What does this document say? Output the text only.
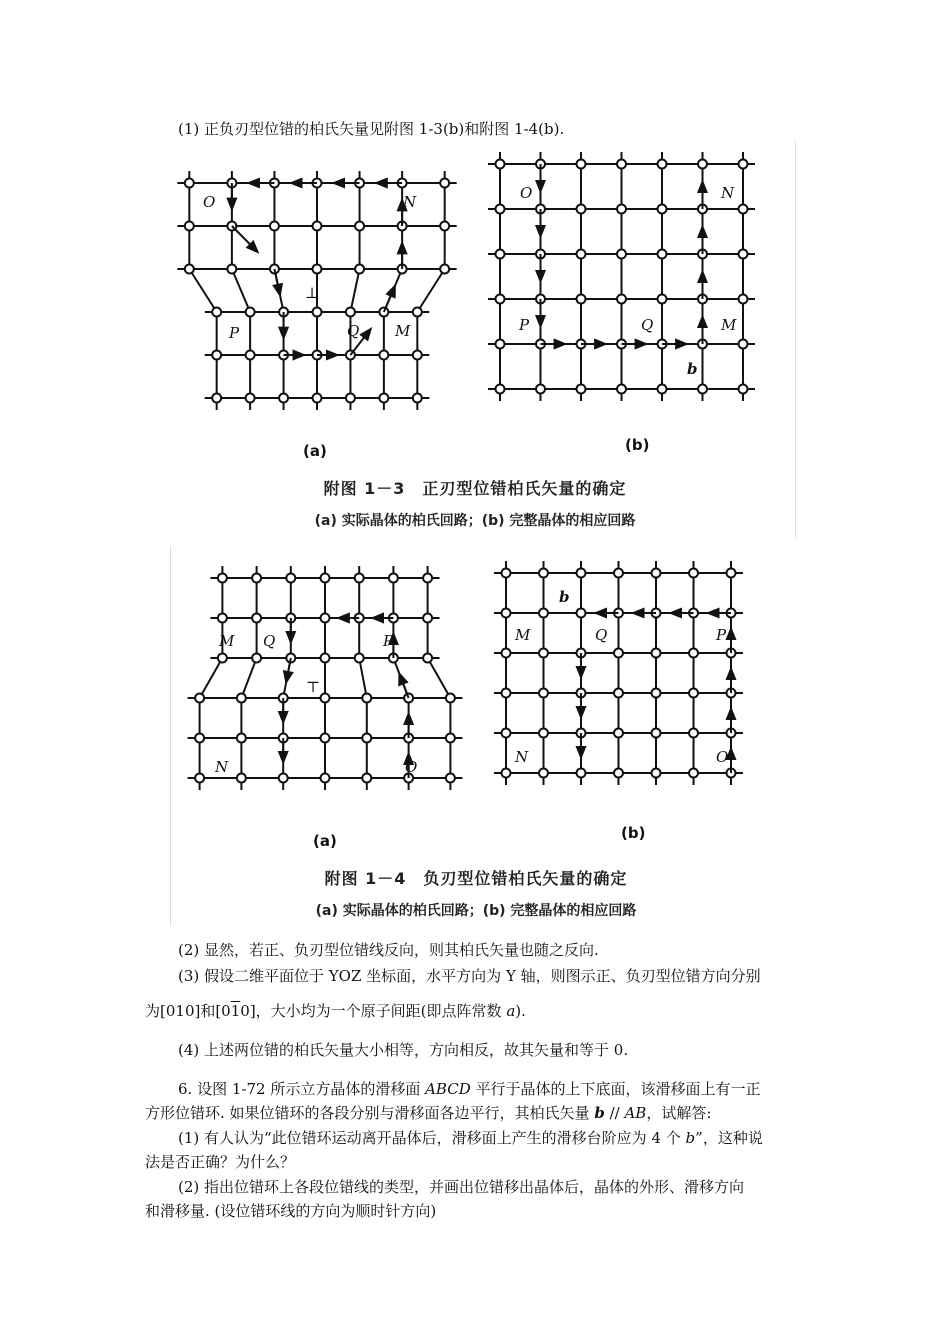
(1) 正负刃型位错的柏氏矢量见附图 1-3(b)和附图 1-4(b).
O	N
P	Q M
⊥
O	N
P	Q	M
b
(a)	(b)
附图 1－3　正刃型位错柏氏矢量的确定
(a) 实际晶体的柏氏回路；(b) 完整晶体的相应回路
M Q	P
N	O
⊤
b
M	Q	P
N	O
(a)	(b)
附图 1－4　负刃型位错柏氏矢量的确定
(a) 实际晶体的柏氏回路；(b) 完整晶体的相应回路
(2) 显然，若正、负刃型位错线反向，则其柏氏矢量也随之反向.
(3) 假设二维平面位于 YOZ 坐标面，水平方向为 Y 轴，则图示正、负刃型位错方向分别
为[010]和[010]，大小均为一个原子间距(即点阵常数 a).
(4) 上述两位错的柏氏矢量大小相等，方向相反，故其矢量和等于 0.
6. 设图 1-72 所示立方晶体的滑移面 ABCD 平行于晶体的上下底面，该滑移面上有一正
方形位错环. 如果位错环的各段分别与滑移面各边平行，其柏氏矢量 b // AB，试解答:
(1) 有人认为“此位错环运动离开晶体后，滑移面上产生的滑移台阶应为 4 个 b”，这种说
法是否正确？为什么？
(2) 指出位错环上各段位错线的类型，并画出位错移出晶体后，晶体的外形、滑移方向
和滑移量. (设位错环线的方向为顺时针方向)
